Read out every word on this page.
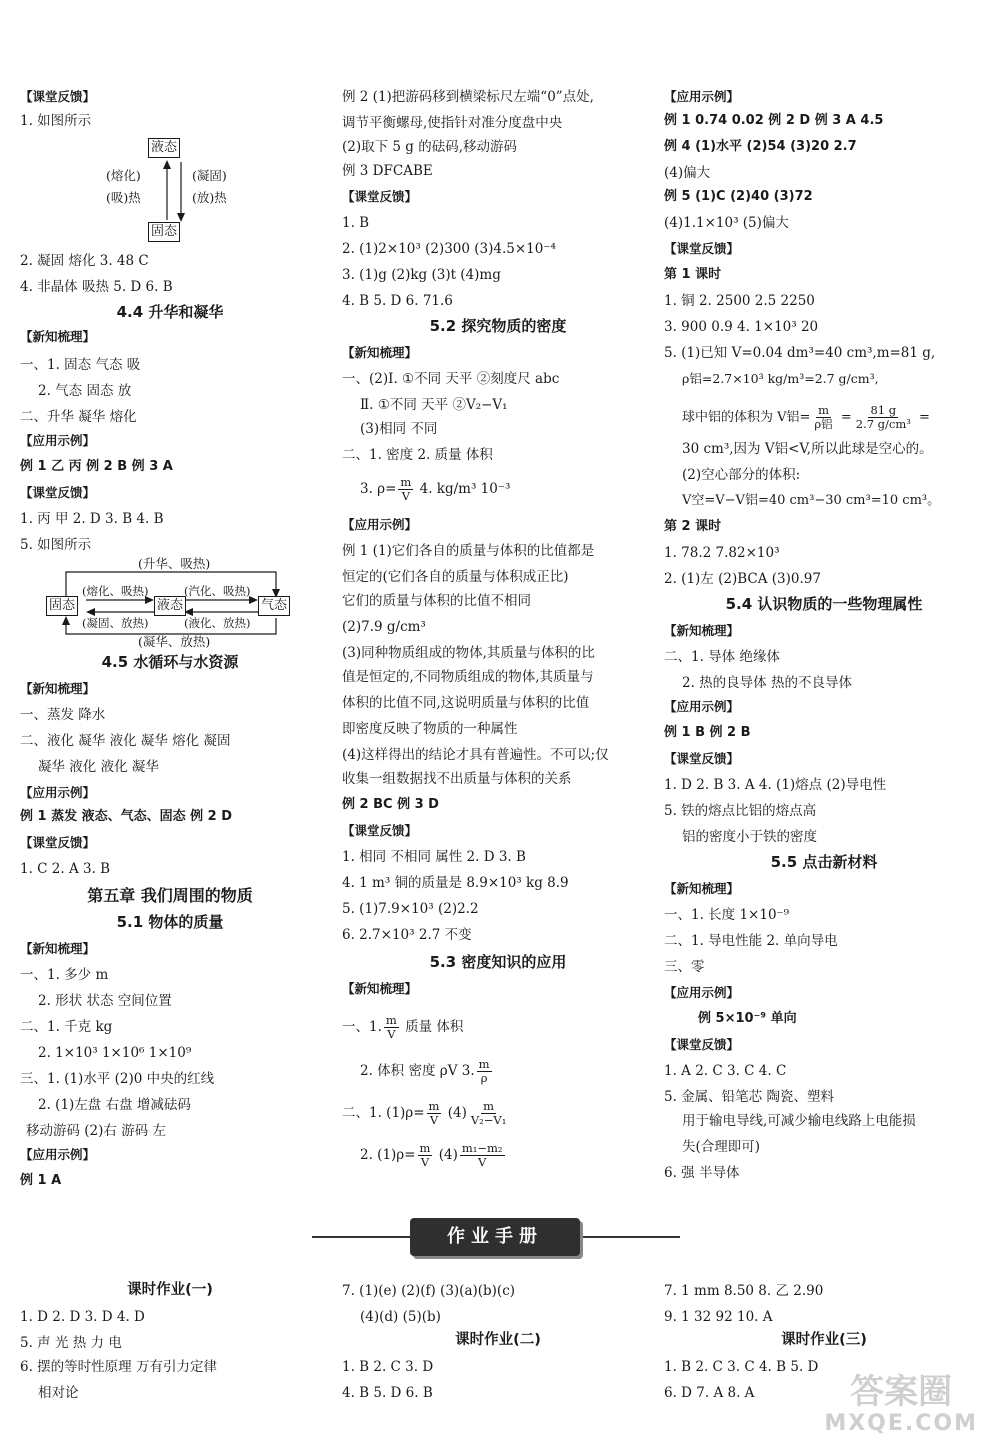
【课堂反馈】
1. 如图所示
液态
固态
(熔化)
(吸)热
(凝固)
(放)热
2. 凝固 熔化 3. 48 C
4. 非晶体 吸热 5. D 6. B
4.4 升华和凝华
【新知梳理】
一、1. 固态 气态 吸
2. 气态 固态 放
二、升华 凝华 熔化
【应用示例】
例 1 乙 丙 例 2 B 例 3 A
【课堂反馈】
1. 丙 甲 2. D 3. B 4. B
5. 如图所示
(升华、吸热)
固态	液态	气态
(熔化、吸热)
(凝固、放热)
(汽化、吸热)
(液化、放热)
(凝华、放热)
4.5 水循环与水资源
【新知梳理】
一、蒸发 降水
二、液化 凝华 液化 凝华 熔化 凝固
凝华 液化 液化 凝华
【应用示例】
例 1 蒸发 液态、气态、固态 例 2 D
【课堂反馈】
1. C 2. A 3. B
第五章 我们周围的物质
5.1 物体的质量
【新知梳理】
一、1. 多少 m
2. 形状 状态 空间位置
二、1. 千克 kg
2. 1×10³ 1×10⁶ 1×10⁹
三、1. (1)水平 (2)0 中央的红线
2. (1)左盘 右盘 增减砝码
移动游码 (2)右 游码 左
【应用示例】
例 1 A
例 2 (1)把游码移到横梁标尺左端“0”点处,
调节平衡螺母,使指针对准分度盘中央
(2)取下 5 g 的砝码,移动游码
例 3 DFCABE
【课堂反馈】
1. B
2. (1)2×10³ (2)300 (3)4.5×10⁻⁴
3. (1)g (2)kg (3)t (4)mg
4. B 5. D 6. 71.6
5.2 探究物质的密度
【新知梳理】
一、(2)Ⅰ. ①不同 天平 ②刻度尺 abc
Ⅱ. ①不同 天平 ②V₂−V₁
(3)相同 不同
二、1. 密度 2. 质量 体积
3. $\rho= \frac{m}{V} 4$. kg/m³ 10⁻³
【应用示例】
例 1 (1)它们各自的质量与体积的比值都是
恒定的(它们各自的质量与体积成正比)
它们的质量与体积的比值不相同
(2)7.9 g/cm³
(3)同种物质组成的物体,其质量与体积的比
值是恒定的,不同物质组成的物体,其质量与
体积的比值不同,这说明质量与体积的比值
即密度反映了物质的一种属性
(4)这样得出的结论才具有普遍性。不可以;仅
收集一组数据找不出质量与体积的关系
例 2 BC 例 3 D
【课堂反馈】
1. 相同 不相同 属性 2. D 3. B
4. 1 m³ 铜的质量是 8.9×10³ kg 8.9
5. (1)7.9×10³ (2)2.2
6. 2.7×10³ 2.7 不变
5.3 密度知识的应用
【新知梳理】
一、1. $\frac{m}{V}$ 质量 体积
2. 体积 密度 ρV 3. $\frac{m}{\rho}$
二、1. $(1)\rho= \frac{m}{V} (4) \frac{m}{\text{V₂−V₁}}$
2. $(1)\rho= \frac{m}{V} (4) \frac{\text{m₁−m₂}}{V}$
【应用示例】
例 1 0.74 0.02 例 2 D 例 3 A 4.5
例 4 (1)水平 (2)54 (3)20 2.7
(4)偏大
例 5 (1)C (2)40 (3)72
(4)1.1×10³ (5)偏大
【课堂反馈】
第 1 课时
1. 铜 2. 2500 2.5 2250
3. 900 0.9 4. 1×10³ 20
5. (1)已知 V=0.04 dm³=40 cm³,m=81 g,
ρ铝=2.7×10³ kg/m³=2.7 g/cm³,
球中铝的体积为 V铝= $\frac{m}{\text{ρ铝}} = \frac{81 g}{\text{2.7 g/cm³}}$ =
30 cm³,因为 V铝<V,所以此球是空心的。
(2)空心部分的体积:
V空=V−V铝=40 cm³−30 cm³=10 cm³。
第 2 课时
1. 78.2 7.82×10³
2. (1)左 (2)BCA (3)0.97
5.4 认识物质的一些物理属性
【新知梳理】
二、1. 导体 绝缘体
2. 热的良导体 热的不良导体
【应用示例】
例 1 B 例 2 B
【课堂反馈】
1. D 2. B 3. A 4. (1)熔点 (2)导电性
5. 铁的熔点比铝的熔点高
铝的密度小于铁的密度
5.5 点击新材料
【新知梳理】
一、1. 长度 1×10⁻⁹
二、1. 导电性能 2. 单向导电
三、零
【应用示例】
例 5×10⁻⁹ 单向
【课堂反馈】
1. A 2. C 3. C 4. C
5. 金属、铅笔芯 陶瓷、塑料
用于输电导线,可减少输电线路上电能损
失(合理即可)
6. 强 半导体
作业手册
课时作业(一)
1. D 2. D 3. D 4. D
5. 声 光 热 力 电
6. 摆的等时性原理 万有引力定律
相对论
7. (1)(e) (2)(f) (3)(a)(b)(c)
(4)(d) (5)(b)
课时作业(二)
1. B 2. C 3. D
4. B 5. D 6. B
7. 1 mm 8.50 8. 乙 2.90
9. 1 32 92 10. A
课时作业(三)
1. B 2. C 3. C 4. B 5. D
6. D 7. A 8. A	答案圈
MXQE.COM
